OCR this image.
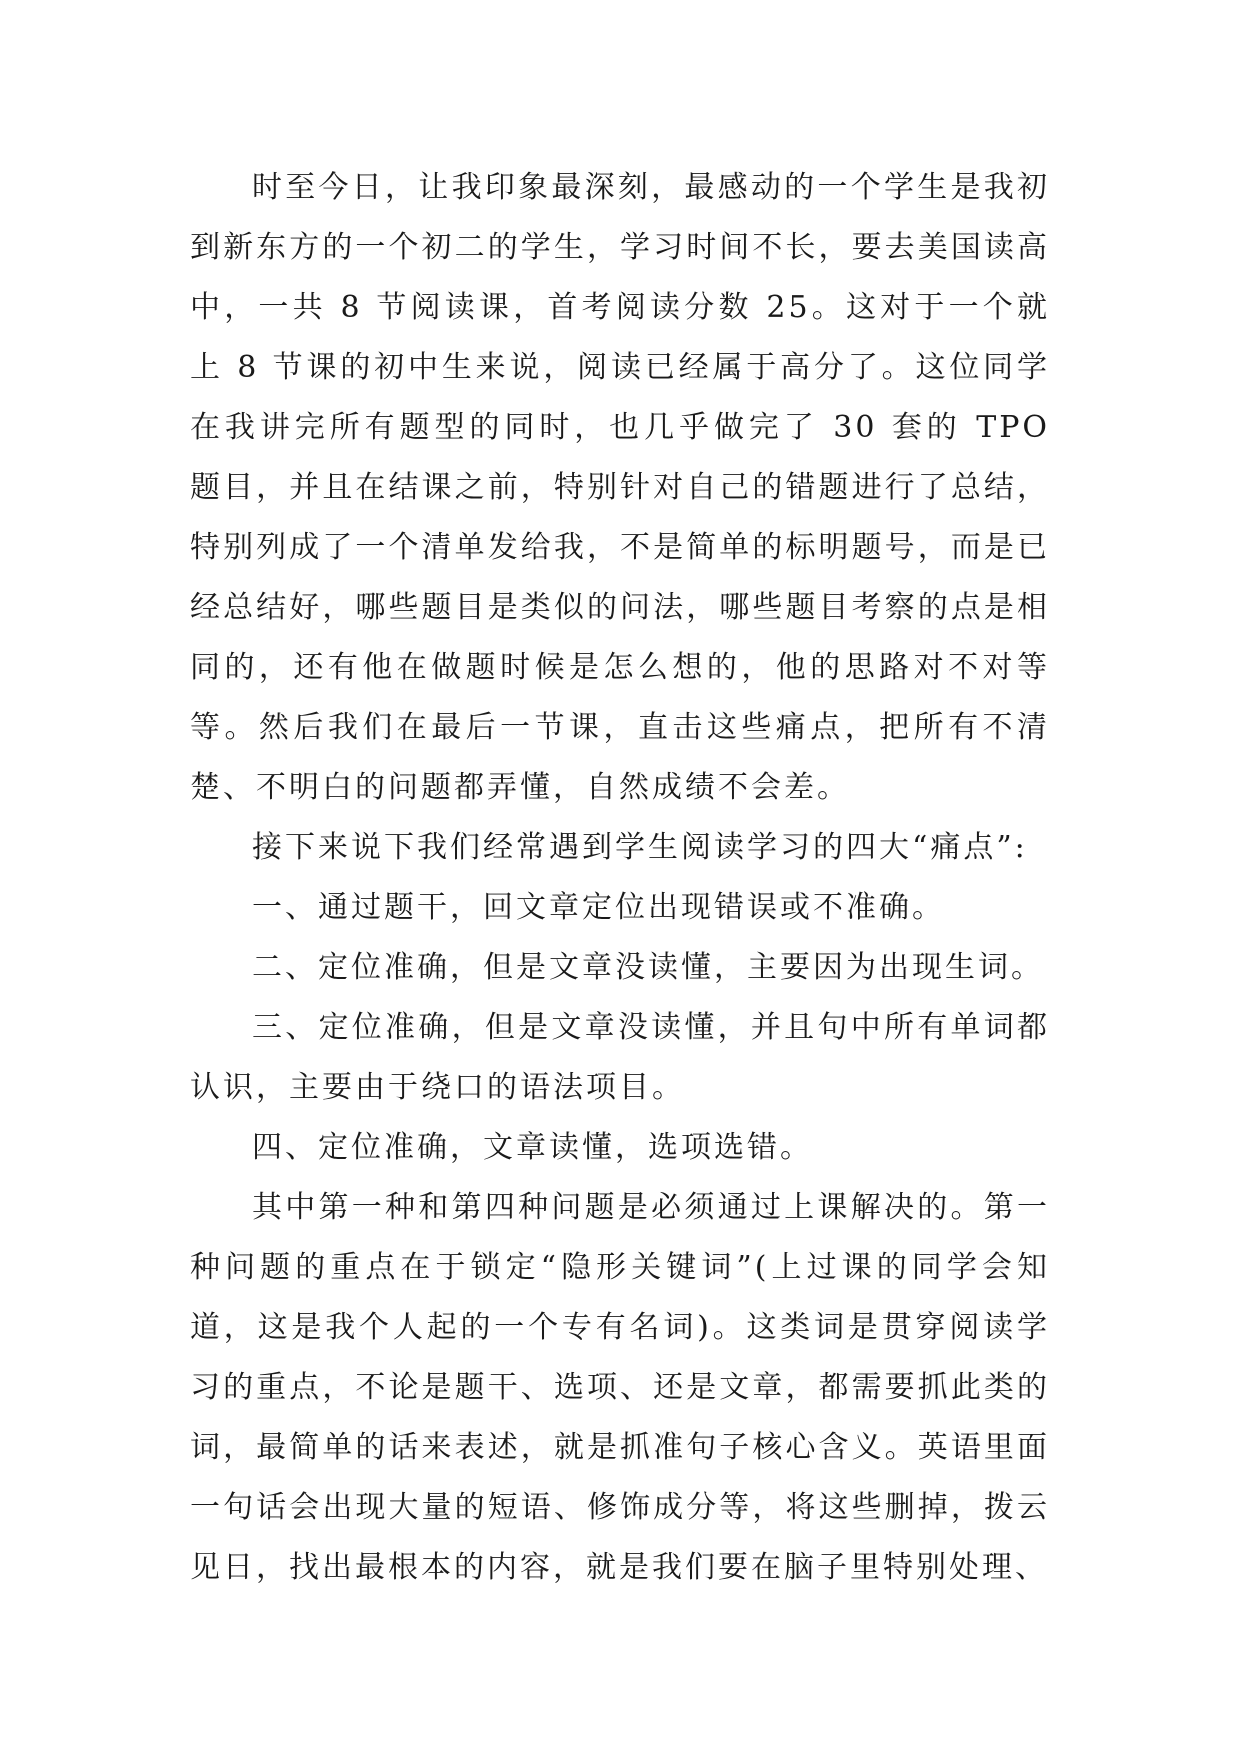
时至今日，让我印象最深刻，最感动的一个学生是我初到新东方的一个初二的学生，学习时间不长，要去美国读高中，一共 8 节阅读课，首考阅读分数 25。这对于一个就上 8 节课的初中生来说，阅读已经属于高分了。这位同学在我讲完所有题型的同时，也几乎做完了 30 套的 TPO 题目，并且在结课之前，特别针对自己的错题进行了总结，特别列成了一个清单发给我，不是简单的标明题号，而是已经总结好，哪些题目是类似的问法，哪些题目考察的点是相同的，还有他在做题时候是怎么想的，他的思路对不对等等。然后我们在最后一节课，直击这些痛点，把所有不清楚、不明白的问题都弄懂，自然成绩不会差。

接下来说下我们经常遇到学生阅读学习的四大“痛点”:

一、通过题干，回文章定位出现错误或不准确。

二、定位准确，但是文章没读懂，主要因为出现生词。

三、定位准确，但是文章没读懂，并且句中所有单词都认识，主要由于绕口的语法项目。

四、定位准确，文章读懂，选项选错。

其中第一种和第四种问题是必须通过上课解决的。第一种问题的重点在于锁定“隐形关键词”(上过课的同学会知道，这是我个人起的一个专有名词)。这类词是贯穿阅读学习的重点，不论是题干、选项、还是文章，都需要抓此类的词，最简单的话来表述，就是抓准句子核心含义。英语里面一句话会出现大量的短语、修饰成分等，将这些删掉，拨云见日，找出最根本的内容，就是我们要在脑子里特别处理、
